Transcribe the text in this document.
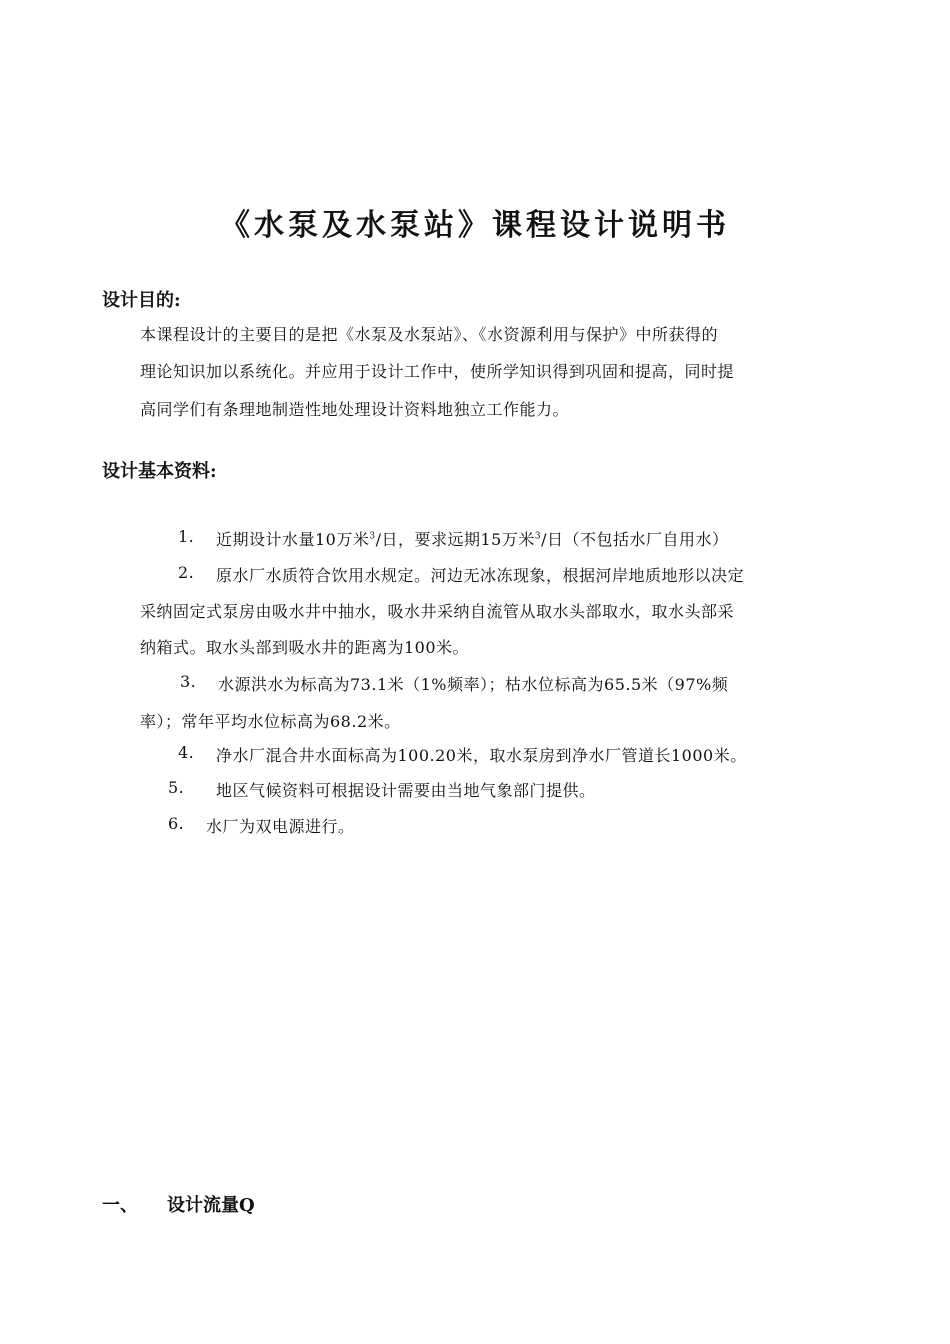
《水泵及水泵站》课程设计说明书
设计目的:
本课程设计的主要目的是把《水泵及水泵站》、《水资源利用与保护》中所获得的
理论知识加以系统化。并应用于设计工作中，使所学知识得到巩固和提高，同时提
高同学们有条理地制造性地处理设计资料地独立工作能力。
设计基本资料:
1. 近期设计水量10万米$^3$/日，要求远期15万米$^3$/日（不包括水厂自用水）
2. 原水厂水质符合饮用水规定。河边无冰冻现象，根据河岸地质地形以决定
采纳固定式泵房由吸水井中抽水，吸水井采纳自流管从取水头部取水，取水头部采
纳箱式。取水头部到吸水井的距离为100米。
3. 水源洪水为标高为73.1米（1%频率）；枯水位标高为65.5米（97%频
率）；常年平均水位标高为68.2米。
4. 净水厂混合井水面标高为100.20米，取水泵房到净水厂管道长1000米。
5. 地区气候资料可根据设计需要由当地气象部门提供。
6. 水厂为双电源进行。
一、 设计流量Q
